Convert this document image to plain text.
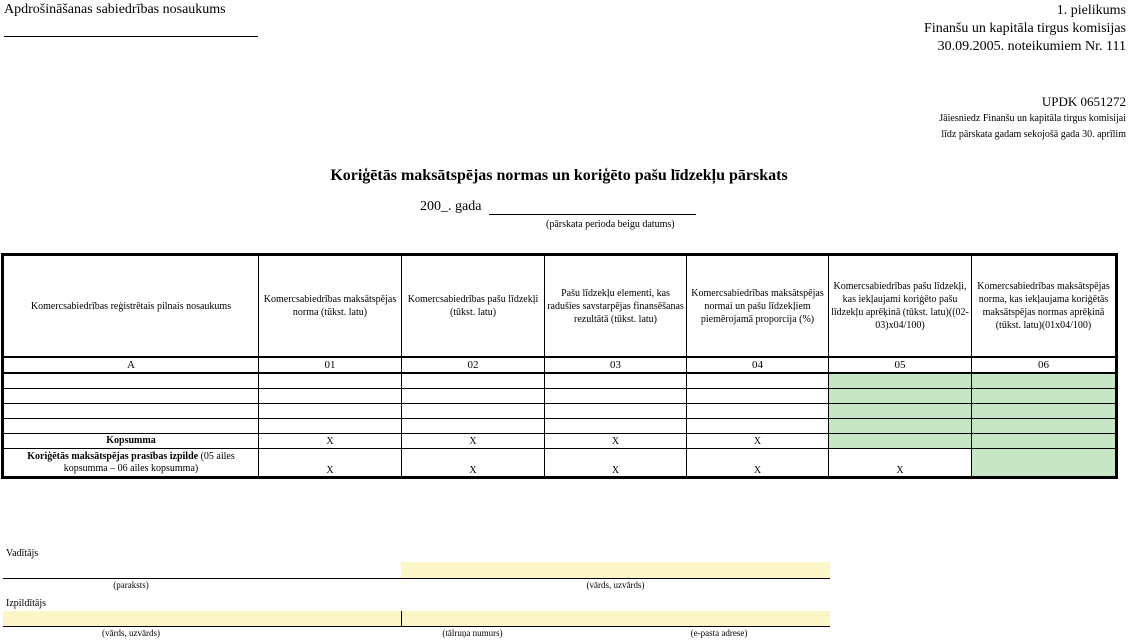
Apdrošināšanas sabiedrības nosaukums	1. pielikums
Finanšu un kapitāla tirgus komisijas
30.09.2005. noteikumiem Nr. 111
UPDK 0651272
Jāiesniedz Finanšu un kapitāla tirgus komisijai
līdz pārskata gadam sekojošā gada 30. aprīlim
Koriģētās maksātspējas normas un koriģēto pašu līdzekļu pārskats
200_. gada
(pārskata perioda beigu datums)
Komercsabiedrības reģistrētais pilnais nosaukums	Komercsabiedrības maksātspējas norma (tūkst. latu)	Komercsabiedrības pašu līdzekļi (tūkst. latu)	Pašu līdzekļu elementi, kas radušies savstarpējas finansēšanas rezultātā (tūkst. latu)	Komercsabiedrības maksātspējas normai un pašu līdzekļiem piemērojamā proporcija (%)	Komercsabiedrības pašu līdzekļi, kas iekļaujami koriģēto pašu līdzekļu aprēķinā (tūkst. latu)((02-03)x04/100)	Komercsabiedrības maksātspējas norma, kas iekļaujama koriģētās maksātspējas normas aprēķinā (tūkst. latu)(01x04/100)
A	01	02	03	04	05	06

Kopsumma	X	X	X	X		
Koriģētās maksātspējas prasības izpilde (05 ailes kopsumma – 06 ailes kopsumma)	X	X	X	X	X	
Vadītājs
(paraksts)	(vārds, uzvārds)
Izpildītājs
(vārds, uzvārds)	(tālruņa numurs)	(e-pasta adrese)
